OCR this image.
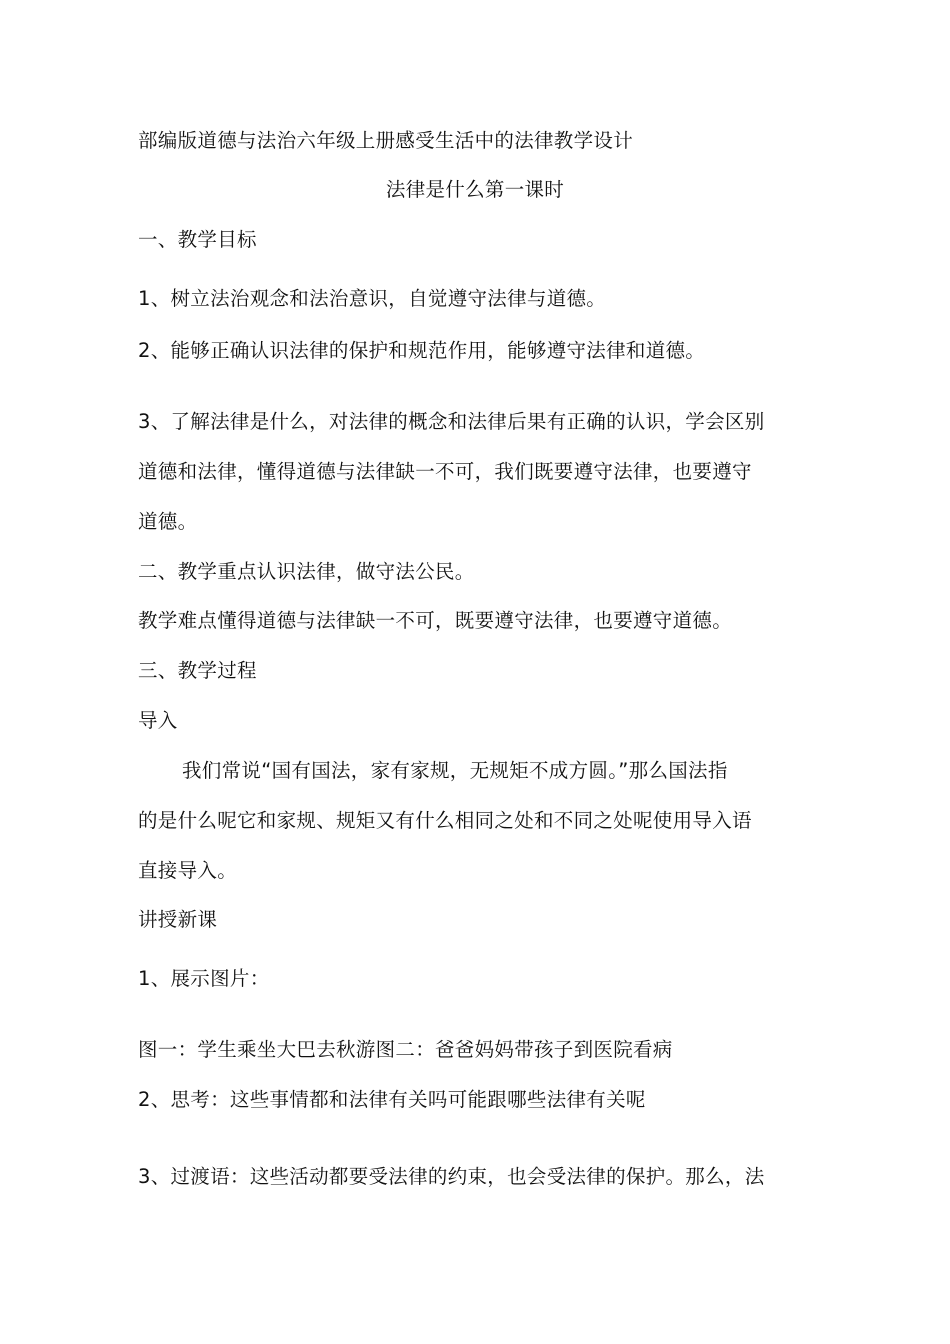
部编版道德与法治六年级上册感受生活中的法律教学设计
法律是什么第一课时
一、教学目标
1、树立法治观念和法治意识，自觉遵守法律与道德。
2、能够正确认识法律的保护和规范作用，能够遵守法律和道德。
3、了解法律是什么，对法律的概念和法律后果有正确的认识，学会区别
道德和法律，懂得道德与法律缺一不可，我们既要遵守法律，也要遵守
道德。
二、教学重点认识法律，做守法公民。
教学难点懂得道德与法律缺一不可，既要遵守法律，也要遵守道德。
三、教学过程
导入
我们常说“国有国法，家有家规，无规矩不成方圆。”那么国法指
的是什么呢它和家规、规矩又有什么相同之处和不同之处呢使用导入语
直接导入。
讲授新课
1、展示图片：
图一：学生乘坐大巴去秋游图二：爸爸妈妈带孩子到医院看病
2、思考：这些事情都和法律有关吗可能跟哪些法律有关呢
3、过渡语：这些活动都要受法律的约束，也会受法律的保护。那么，法
